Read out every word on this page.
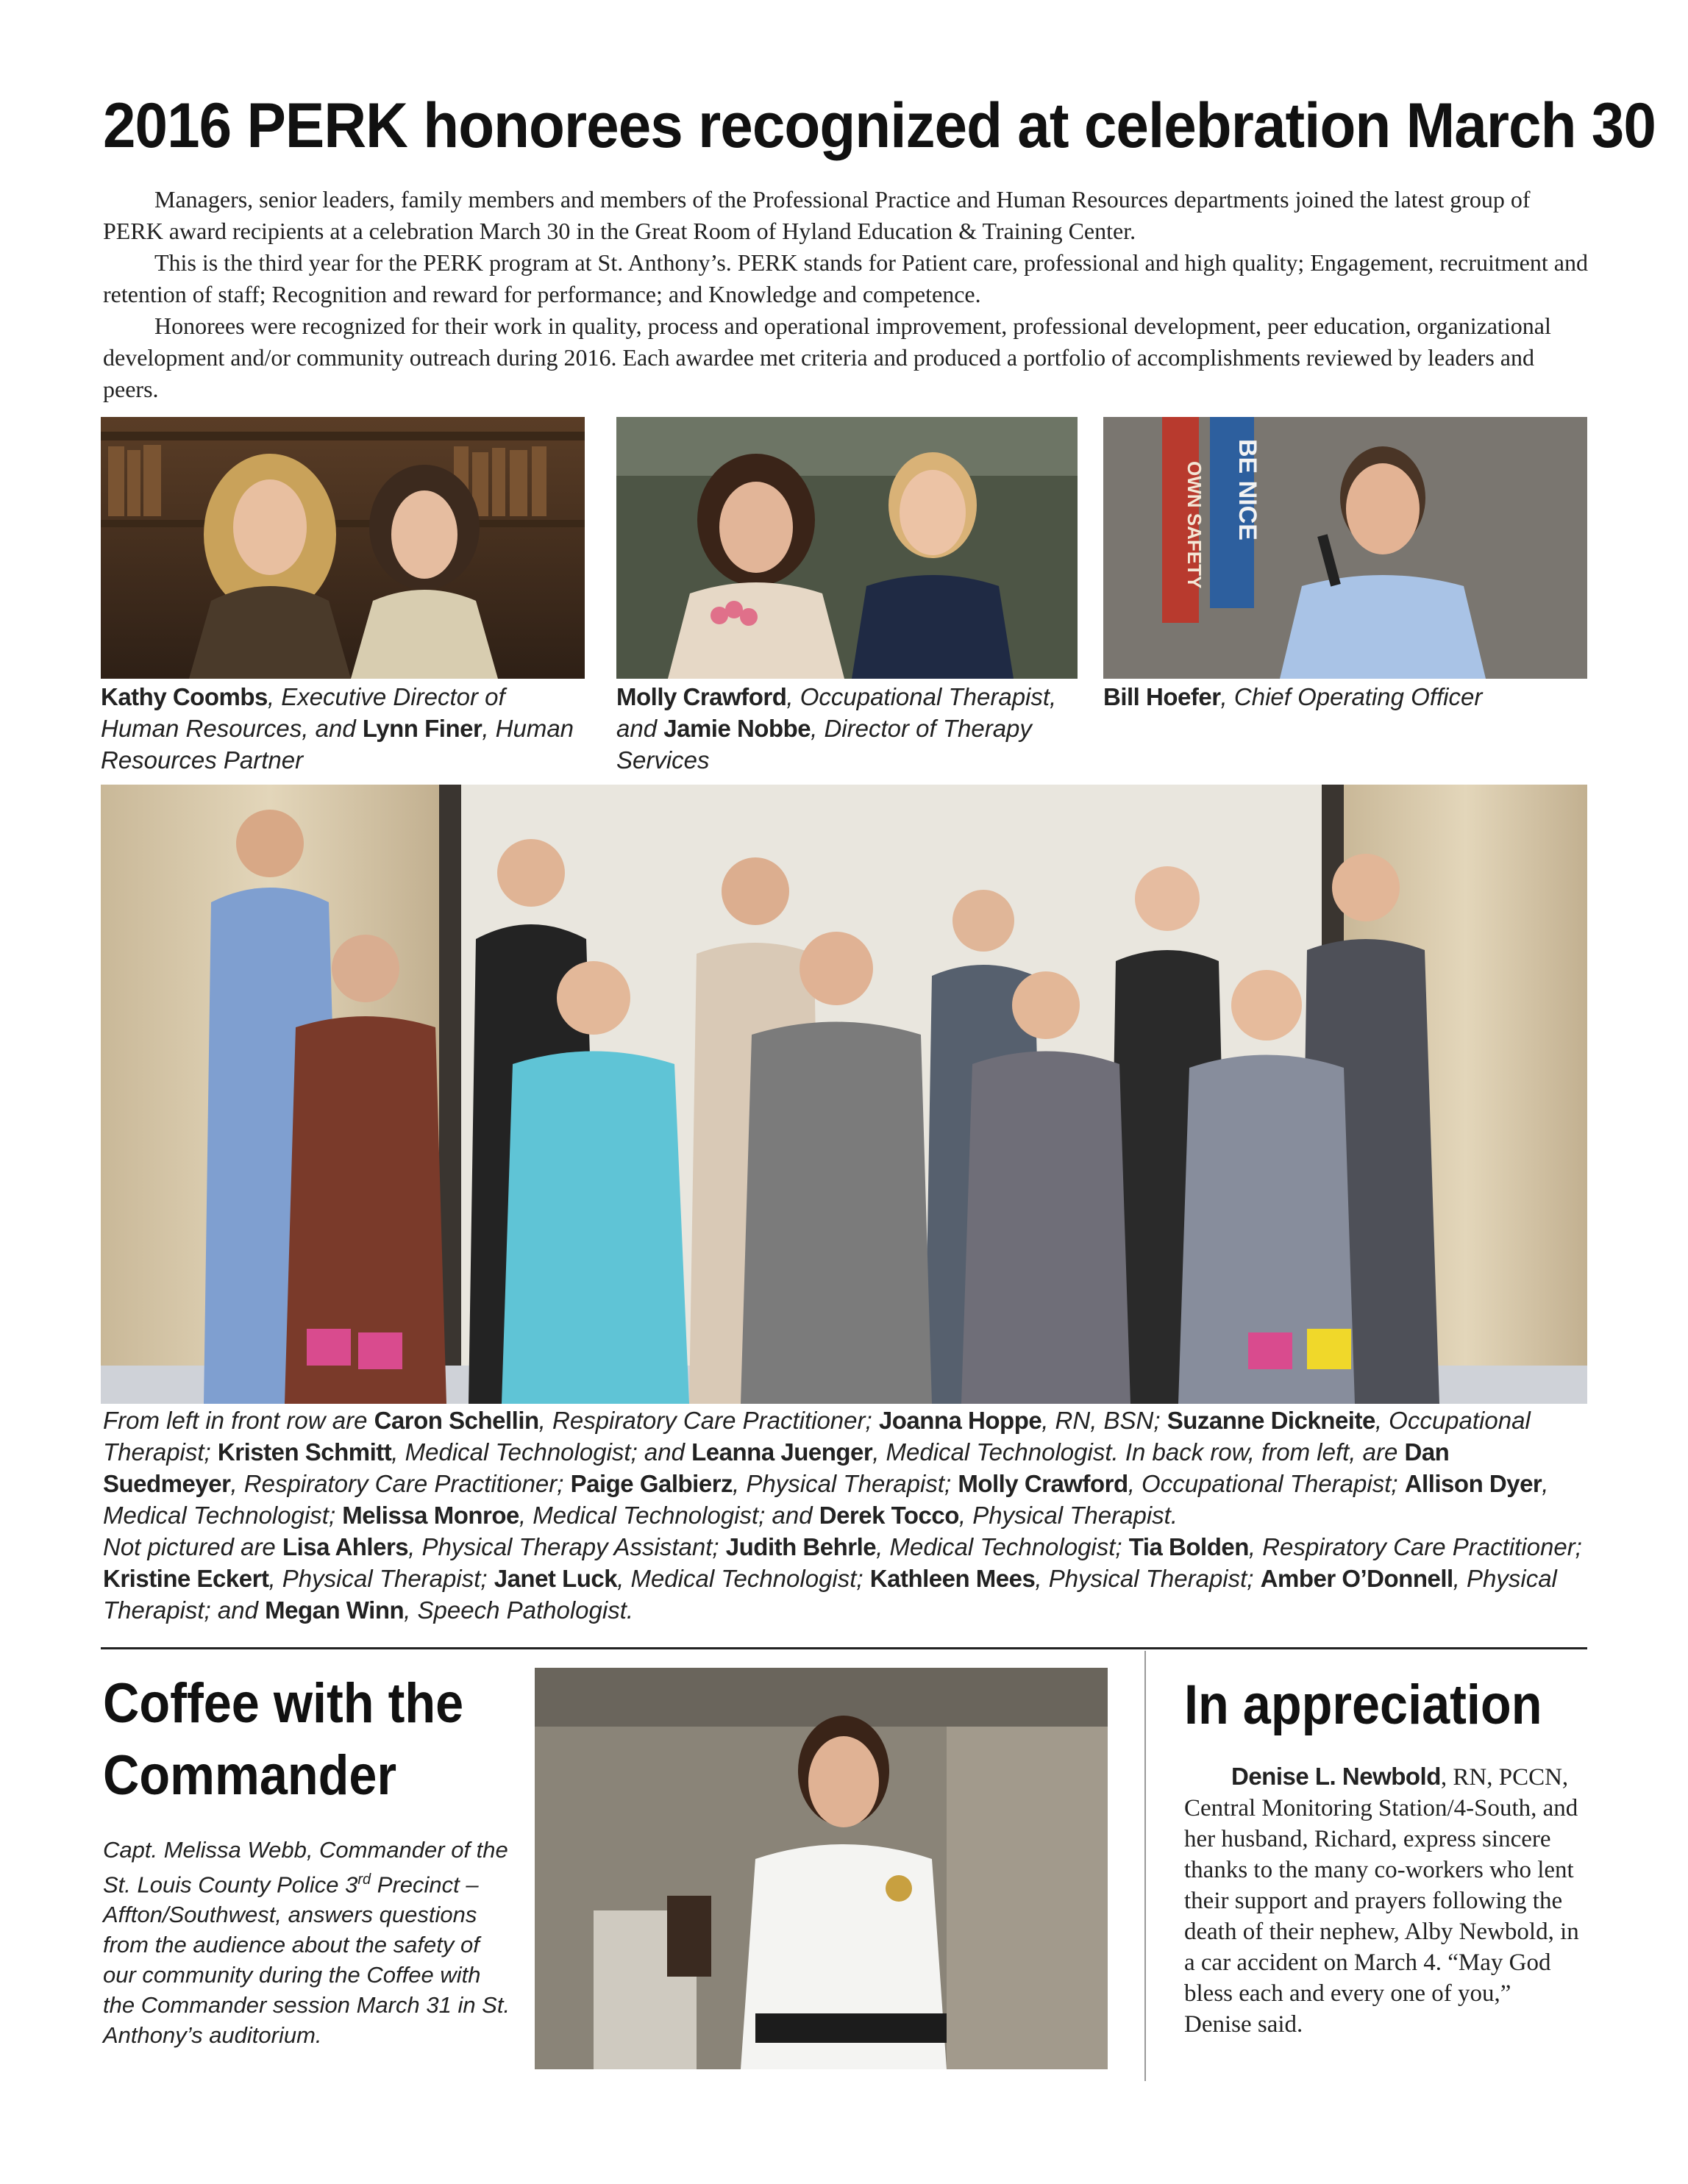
2016 PERK honorees recognized at celebration March 30

Managers, senior leaders, family members and members of the Professional Practice and Human Resources departments joined the latest group of PERK award recipients at a celebration March 30 in the Great Room of Hyland Education & Training Center.

This is the third year for the PERK program at St. Anthony’s. PERK stands for Patient care, professional and high quality; Engagement, recruitment and retention of staff; Recognition and reward for performance; and Knowledge and competence.

Honorees were recognized for their work in quality, process and operational improvement, professional development, peer education, organizational development and/or community outreach during 2016. Each awardee met criteria and produced a portfolio of accomplishments reviewed by leaders and peers.

OWN SAFETY BE NICE
Kathy Coombs, Executive Director of Human Resources, and Lynn Finer, Human Resources Partner
Molly Crawford, Occupational Therapist, and Jamie Nobbe, Director of Therapy Services
Bill Hoefer, Chief Operating Officer
From left in front row are Caron Schellin, Respiratory Care Practitioner; Joanna Hoppe, RN, BSN; Suzanne Dickneite, Occupational Therapist; Kristen Schmitt, Medical Technologist; and Leanna Juenger, Medical Technologist. In back row, from left, are Dan Suedmeyer, Respiratory Care Practitioner; Paige Galbierz, Physical Therapist; Molly Crawford, Occupational Therapist; Allison Dyer, Medical Technologist; Melissa Monroe, Medical Technologist; and Derek Tocco, Physical Therapist.
Not pictured are Lisa Ahlers, Physical Therapy Assistant; Judith Behrle, Medical Technologist; Tia Bolden, Respiratory Care Practitioner; Kristine Eckert, Physical Therapist; Janet Luck, Medical Technologist; Kathleen Mees, Physical Therapist; Amber O’Donnell, Physical Therapist; and Megan Winn, Speech Pathologist.
Coffee with the
Commander
Capt. Melissa Webb, Commander of the St. Louis County Police 3rd Precinct – Affton/Southwest, answers questions from the audience about the safety of our community during the Coffee with the Commander session March 31 in St. Anthony’s auditorium.
In appreciation

Denise L. Newbold, RN, PCCN, Central Monitoring Station/4-South, and her husband, Richard, express sincere thanks to the many co-workers who lent their support and prayers following the death of their nephew, Alby Newbold, in a car accident on March 4. “May God bless each and every one of you,” Denise said.
